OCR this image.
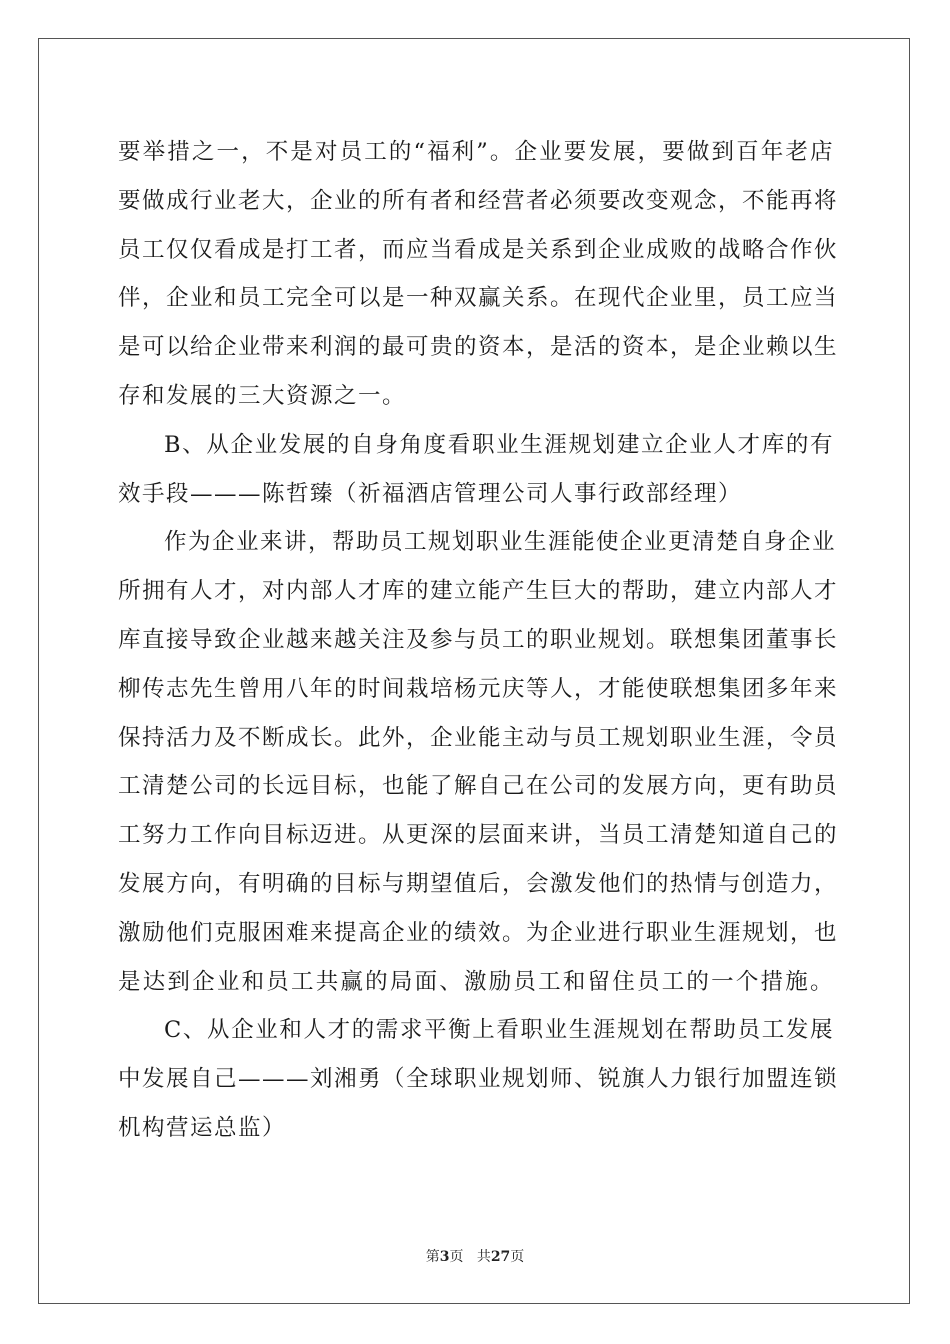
要举措之一，不是对员工的“福利”。企业要发展，要做到百年老店
要做成行业老大，企业的所有者和经营者必须要改变观念，不能再将
员工仅仅看成是打工者，而应当看成是关系到企业成败的战略合作伙
伴，企业和员工完全可以是一种双赢关系。在现代企业里，员工应当
是可以给企业带来利润的最可贵的资本，是活的资本，是企业赖以生
存和发展的三大资源之一。
B、从企业发展的自身角度看职业生涯规划建立企业人才库的有
效手段———陈哲臻（祈福酒店管理公司人事行政部经理）
作为企业来讲，帮助员工规划职业生涯能使企业更清楚自身企业
所拥有人才，对内部人才库的建立能产生巨大的帮助，建立内部人才
库直接导致企业越来越关注及参与员工的职业规划。联想集团董事长
柳传志先生曾用八年的时间栽培杨元庆等人，才能使联想集团多年来
保持活力及不断成长。此外，企业能主动与员工规划职业生涯，令员
工清楚公司的长远目标，也能了解自己在公司的发展方向，更有助员
工努力工作向目标迈进。从更深的层面来讲，当员工清楚知道自己的
发展方向，有明确的目标与期望值后，会激发他们的热情与创造力，
激励他们克服困难来提高企业的绩效。为企业进行职业生涯规划，也
是达到企业和员工共赢的局面、激励员工和留住员工的一个措施。
C、从企业和人才的需求平衡上看职业生涯规划在帮助员工发展
中发展自己———刘湘勇（全球职业规划师、锐旗人力银行加盟连锁
机构营运总监）
第3页 共27页
